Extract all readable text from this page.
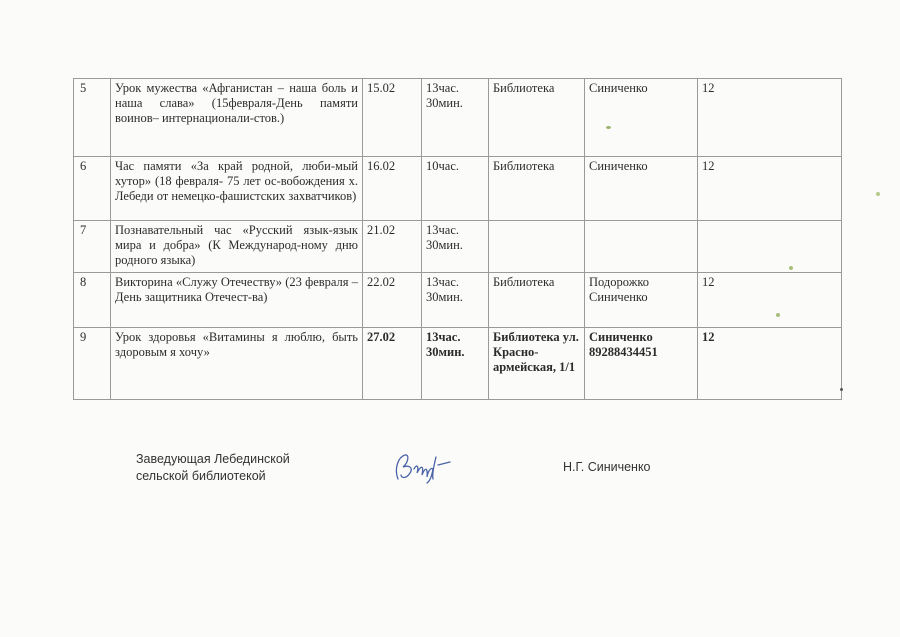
5	Урок мужества «Афганистан – наша боль и наша слава» (15февраля-День памяти воинов– интернационали-стов.)	15.02	13час. 30мин.	Библиотека	Синиченко	12
6	Час памяти «За край родной, люби-мый хутор» (18 февраля- 75 лет ос-вобождения х. Лебеди от немецко-фашистских захватчиков)	16.02	10час.	Библиотека	Синиченко	12
7	Познавательный час «Русский язык-язык мира и добра» (К Международ-ному дню родного языка)	21.02	13час. 30мин.			
8	Викторина «Служу Отечеству» (23 февраля – День защитника Отечест-ва)	22.02	13час. 30мин.	Библиотека	Подорожко Синиченко	12
9	Урок здоровья «Витамины я люблю, быть здоровым я хочу»	27.02	13час. 30мин.	Библиотека ул. Красно-армейская, 1/1	Синиченко 89288434451	12
Заведующая Лебединской
сельской библиотекой
Н.Г. Синиченко
